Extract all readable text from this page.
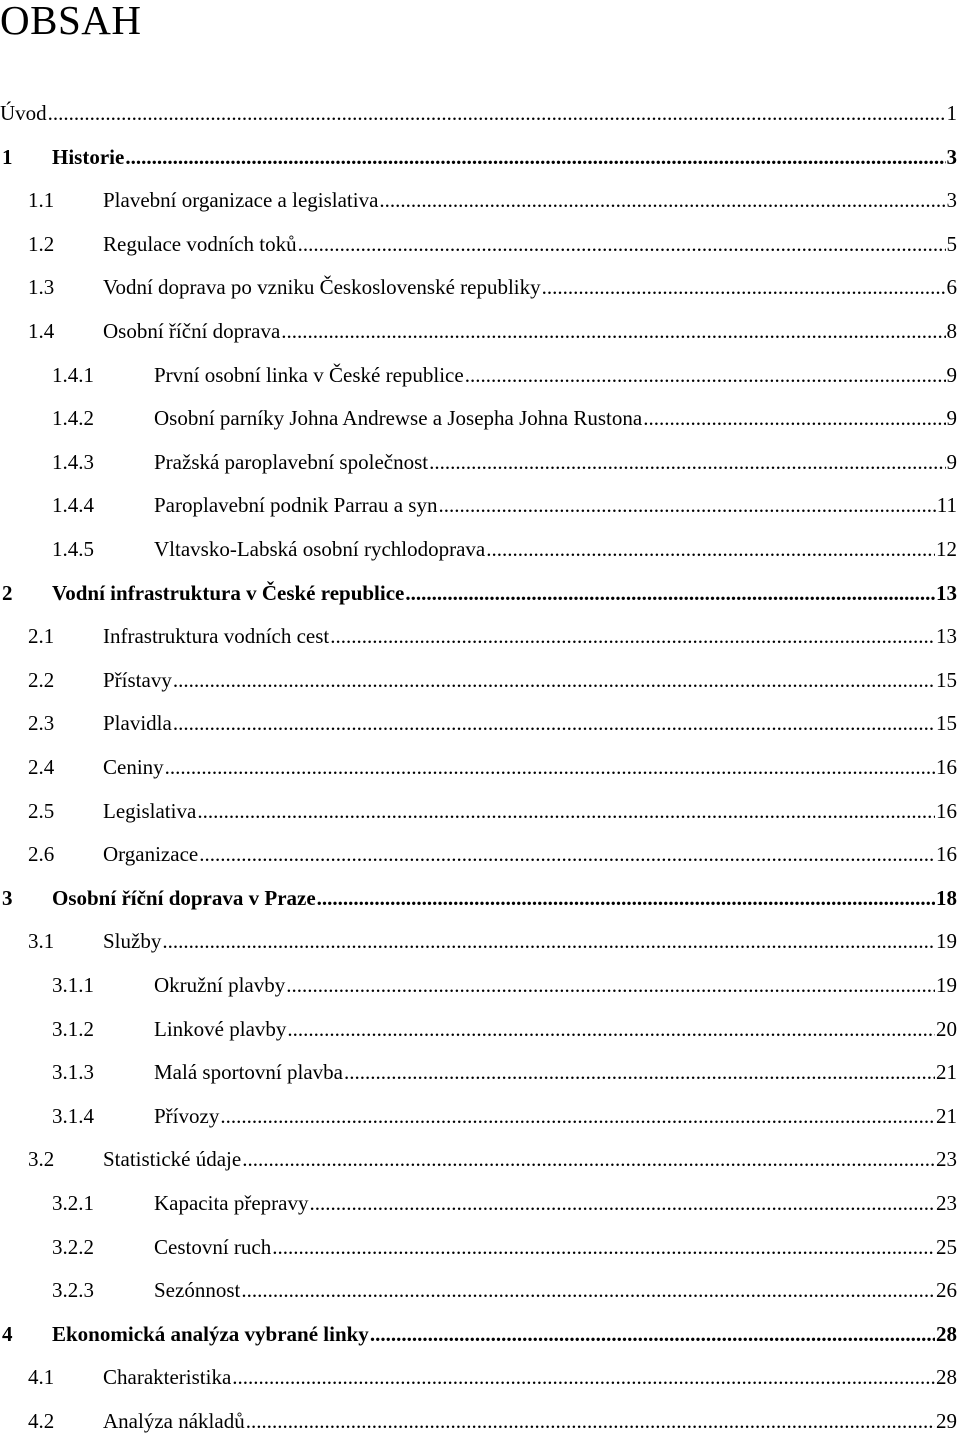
OBSAH
Úvod .....	1
1	Historie .....	3
1.1	Plavební organizace a legislativa .....	3
1.2	Regulace vodních toků .....	5
1.3	Vodní doprava po vzniku Československé republiky .....	6
1.4	Osobní říční doprava .....	8
1.4.1	První osobní linka v České republice .....	9
1.4.2	Osobní parníky Johna Andrewse a Josepha Johna Rustona .....	9
1.4.3	Pražská paroplavební společnost .....	9
1.4.4	Paroplavební podnik Parrau a syn .....	11
1.4.5	Vltavsko-Labská osobní rychlodoprava .....	12
2	Vodní infrastruktura v České republice .....	13
2.1	Infrastruktura vodních cest .....	13
2.2	Přístavy .....	15
2.3	Plavidla .....	15
2.4	Ceniny .....	16
2.5	Legislativa .....	16
2.6	Organizace .....	16
3	Osobní říční doprava v Praze .....	18
3.1	Služby .....	19
3.1.1	Okružní plavby .....	19
3.1.2	Linkové plavby .....	20
3.1.3	Malá sportovní plavba .....	21
3.1.4	Přívozy .....	21
3.2	Statistické údaje .....	23
3.2.1	Kapacita přepravy .....	23
3.2.2	Cestovní ruch .....	25
3.2.3	Sezónnost .....	26
4	Ekonomická analýza vybrané linky .....	28
4.1	Charakteristika .....	28
4.2	Analýza nákladů .....	29
